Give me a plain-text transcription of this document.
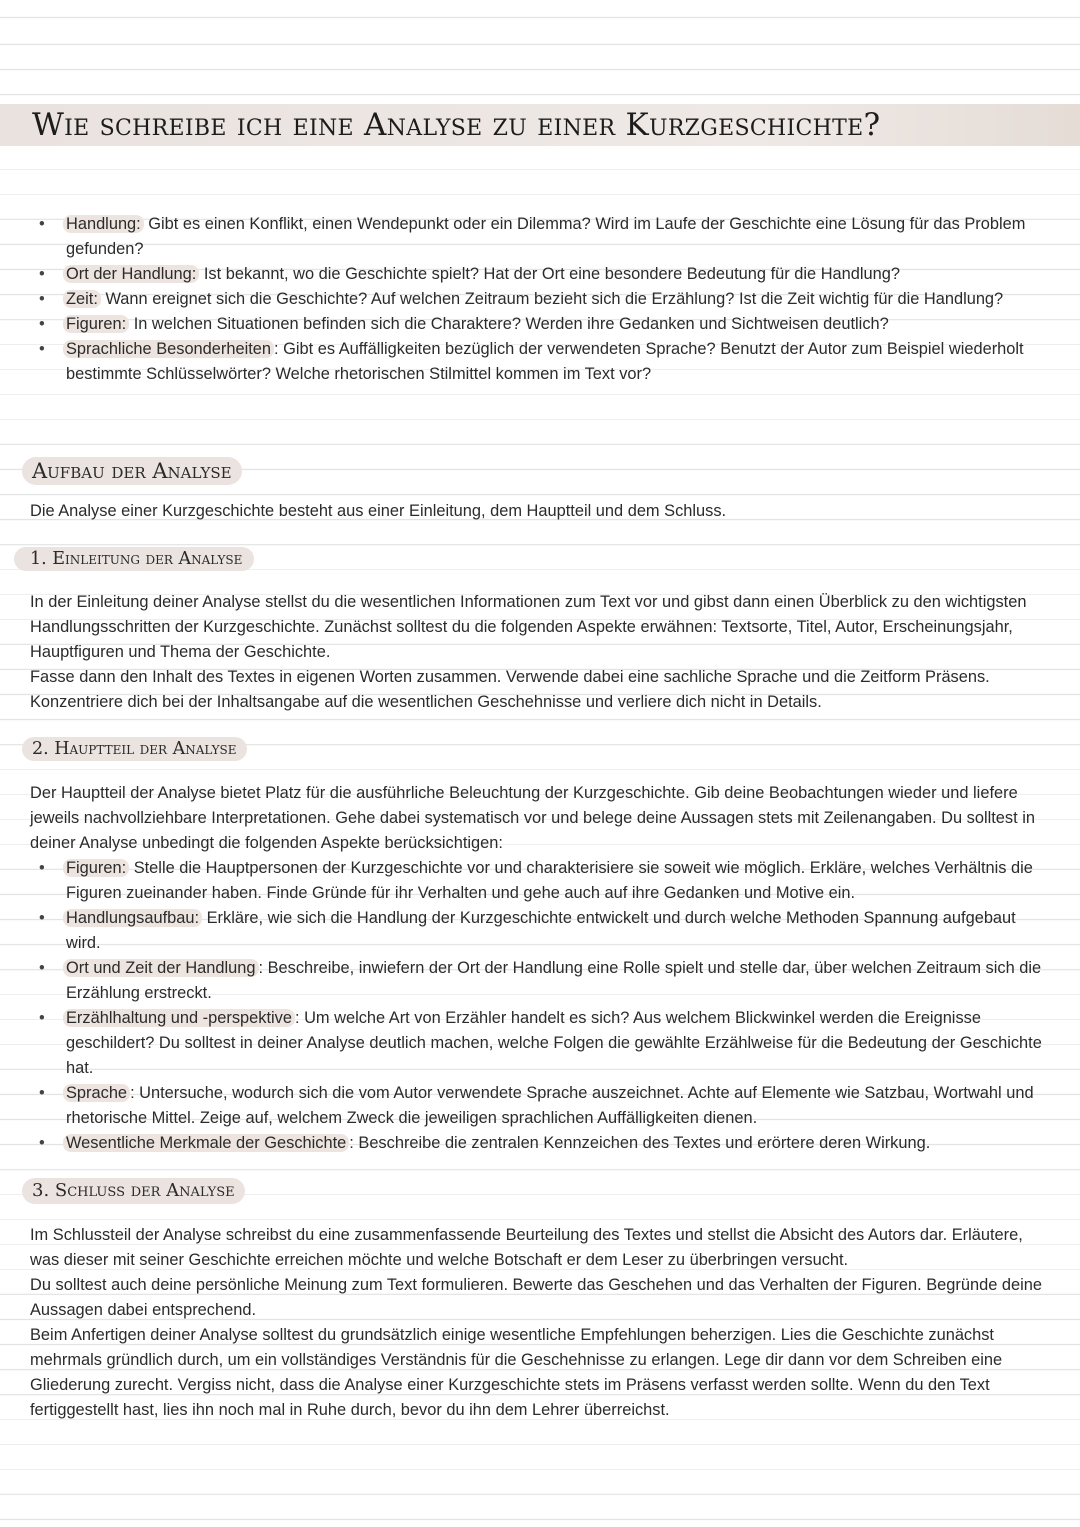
Wie schreibe ich eine Analyse zu einer Kurzgeschichte?
• Handlung: Gibt es einen Konflikt, einen Wendepunkt oder ein Dilemma? Wird im Laufe der Geschichte eine Lösung für das Problem gefunden?
• Ort der Handlung: Ist bekannt, wo die Geschichte spielt? Hat der Ort eine besondere Bedeutung für die Handlung?
• Zeit: Wann ereignet sich die Geschichte? Auf welchen Zeitraum bezieht sich die Erzählung? Ist die Zeit wichtig für die Handlung?
• Figuren: In welchen Situationen befinden sich die Charaktere? Werden ihre Gedanken und Sichtweisen deutlich?
• Sprachliche Besonderheiten : Gibt es Auffälligkeiten bezüglich der verwendeten Sprache? Benutzt der Autor zum Beispiel wiederholt bestimmte Schlüsselwörter? Welche rhetorischen Stilmittel kommen im Text vor?
Aufbau der Analyse

Die Analyse einer Kurzgeschichte besteht aus einer Einleitung, dem Hauptteil und dem Schluss.

1. Einleitung der Analyse

In der Einleitung deiner Analyse stellst du die wesentlichen Informationen zum Text vor und gibst dann einen Überblick zu den wichtigsten Handlungsschritten der Kurzgeschichte. Zunächst solltest du die folgenden Aspekte erwähnen: Textsorte, Titel, Autor, Erscheinungsjahr, Hauptfiguren und Thema der Geschichte.

Fasse dann den Inhalt des Textes in eigenen Worten zusammen. Verwende dabei eine sachliche Sprache und die Zeitform Präsens. Konzentriere dich bei der Inhaltsangabe auf die wesentlichen Geschehnisse und verliere dich nicht in Details.

2. Hauptteil der Analyse

Der Hauptteil der Analyse bietet Platz für die ausführliche Beleuchtung der Kurzgeschichte. Gib deine Beobachtungen wieder und liefere jeweils nachvollziehbare Interpretationen. Gehe dabei systematisch vor und belege deine Aussagen stets mit Zeilenangaben. Du solltest in deiner Analyse unbedingt die folgenden Aspekte berücksichtigen:

• Figuren: Stelle die Hauptpersonen der Kurzgeschichte vor und charakterisiere sie soweit wie möglich. Erkläre, welches Verhältnis die Figuren zueinander haben. Finde Gründe für ihr Verhalten und gehe auch auf ihre Gedanken und Motive ein.
• Handlungsaufbau: Erkläre, wie sich die Handlung der Kurzgeschichte entwickelt und durch welche Methoden Spannung aufgebaut wird.
• Ort und Zeit der Handlung : Beschreibe, inwiefern der Ort der Handlung eine Rolle spielt und stelle dar, über welchen Zeitraum sich die Erzählung erstreckt.
• Erzählhaltung und -perspektive : Um welche Art von Erzähler handelt es sich? Aus welchem Blickwinkel werden die Ereignisse geschildert? Du solltest in deiner Analyse deutlich machen, welche Folgen die gewählte Erzählweise für die Bedeutung der Geschichte hat.
• Sprache : Untersuche, wodurch sich die vom Autor verwendete Sprache auszeichnet. Achte auf Elemente wie Satzbau, Wortwahl und rhetorische Mittel. Zeige auf, welchem Zweck die jeweiligen sprachlichen Auffälligkeiten dienen.
• Wesentliche Merkmale der Geschichte : Beschreibe die zentralen Kennzeichen des Textes und erörtere deren Wirkung.
3. Schluss der Analyse

Im Schlussteil der Analyse schreibst du eine zusammenfassende Beurteilung des Textes und stellst die Absicht des Autors dar. Erläutere, was dieser mit seiner Geschichte erreichen möchte und welche Botschaft er dem Leser zu überbringen versucht.

Du solltest auch deine persönliche Meinung zum Text formulieren. Bewerte das Geschehen und das Verhalten der Figuren. Begründe deine Aussagen dabei entsprechend.

Beim Anfertigen deiner Analyse solltest du grundsätzlich einige wesentliche Empfehlungen beherzigen. Lies die Geschichte zunächst mehrmals gründlich durch, um ein vollständiges Verständnis für die Geschehnisse zu erlangen. Lege dir dann vor dem Schreiben eine Gliederung zurecht. Vergiss nicht, dass die Analyse einer Kurzgeschichte stets im Präsens verfasst werden sollte. Wenn du den Text fertiggestellt hast, lies ihn noch mal in Ruhe durch, bevor du ihn dem Lehrer überreichst.
